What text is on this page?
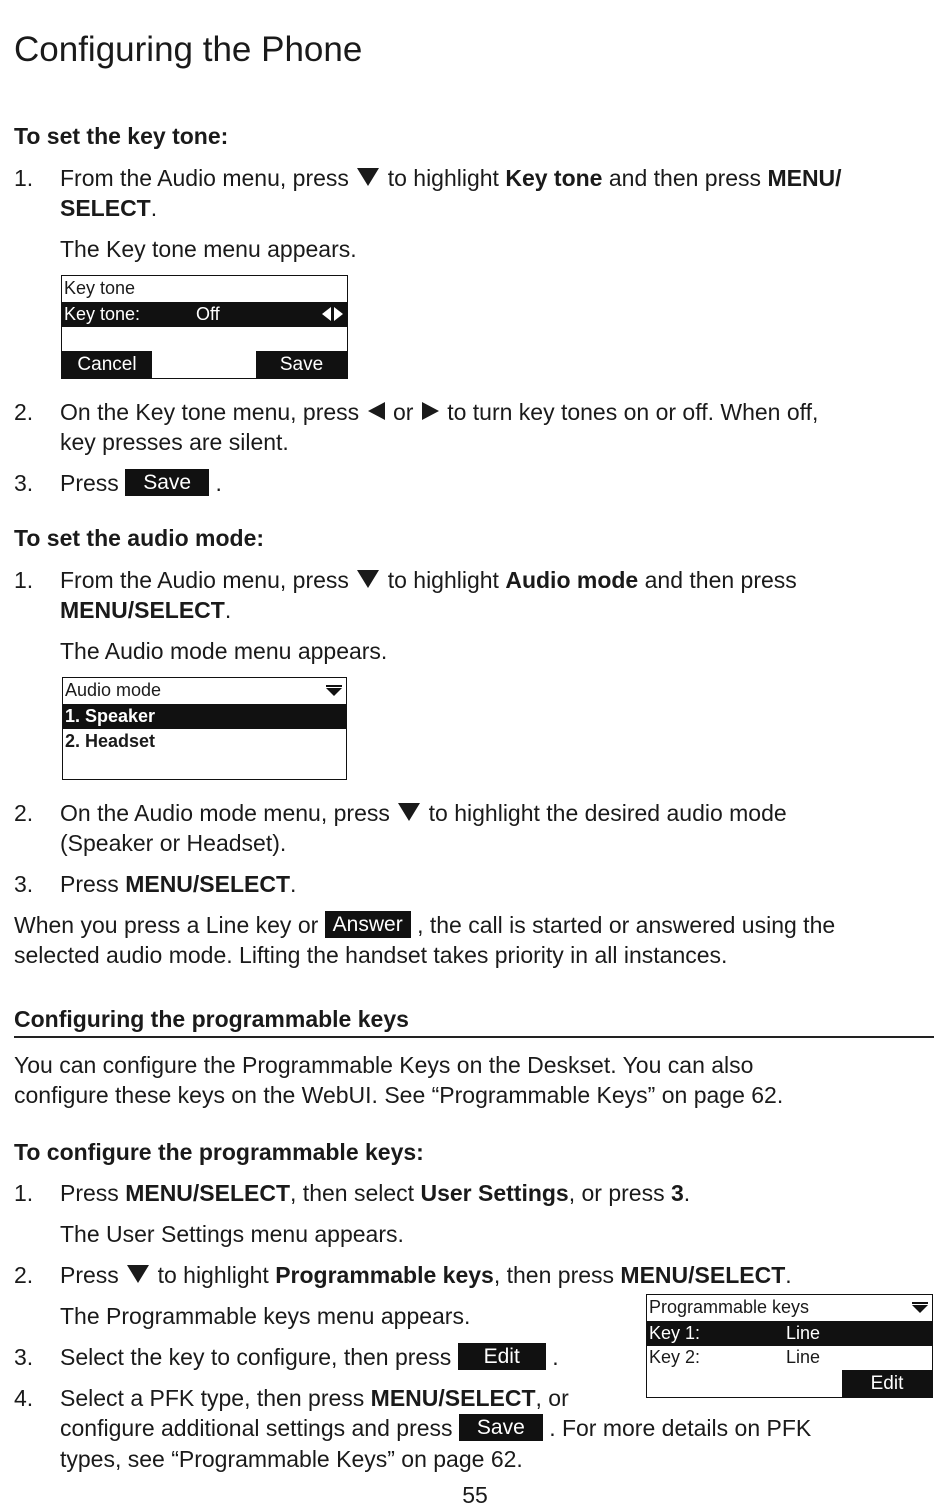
Configuring the Phone
To set the key tone:
1. From the Audio menu, press to highlight Key tone and then press MENU/
SELECT.
The Key tone menu appears.
Key tone
Key tone:	Off
Cancel	Save
2. On the Key tone menu, press or to turn key tones on or off. When off,
key presses are silent.
3. Press Save .
To set the audio mode:
1. From the Audio menu, press to highlight Audio mode and then press
MENU/SELECT.
The Audio mode menu appears.
Audio mode
1. Speaker
2. Headset
2. On the Audio mode menu, press to highlight the desired audio mode
(Speaker or Headset).
3. Press MENU/SELECT.
When you press a Line key or Answer , the call is started or answered using the
selected audio mode. Lifting the handset takes priority in all instances.
Configuring the programmable keys
You can configure the Programmable Keys on the Deskset. You can also
configure these keys on the WebUI. See “Programmable Keys” on page 62.
To configure the programmable keys:
1. Press MENU/SELECT, then select User Settings, or press 3.
The User Settings menu appears.
2. Press to highlight Programmable keys, then press MENU/SELECT.
The Programmable keys menu appears.	Programmable keys
Key 1:	Line
Key 2:	Line
Edit
3. Select the key to configure, then press Edit .
4. Select a PFK type, then press MENU/SELECT, or
configure additional settings and press Save . For more details on PFK
types, see “Programmable Keys” on page 62.
55
